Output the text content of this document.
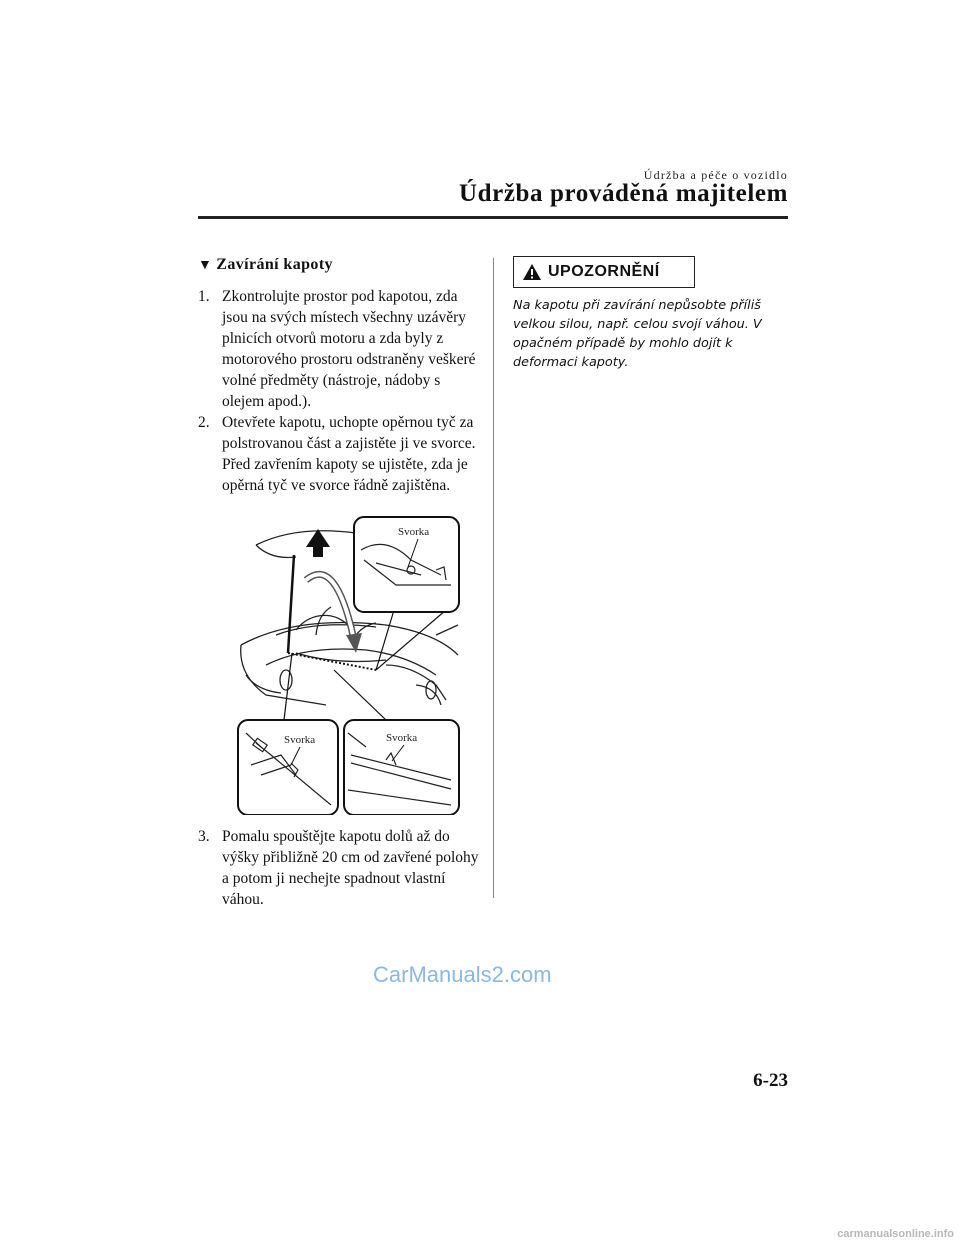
Údržba a péče o vozidlo
Údržba prováděná majitelem
▼ Zavírání kapoty
1. Zkontrolujte prostor pod kapotou, zda jsou na svých místech všechny uzávěry plnicích otvorů motoru a zda byly z motorového prostoru odstraněny veškeré volné předměty (nástroje, nádoby s olejem apod.).
2. Otevřete kapotu, uchopte opěrnou tyč za polstrovanou část a zajistěte ji ve svorce. Před zavřením kapoty se ujistěte, zda je opěrná tyč ve svorce řádně zajištěna.
Svorka
Svorka	Svorka
3. Pomalu spouštějte kapotu dolů až do výšky přibližně 20 cm od zavřené polohy a potom ji nechejte spadnout vlastní váhou.
UPOZORNĚNÍ
Na kapotu při zavírání nepůsobte příliš velkou silou, např. celou svojí váhou. V opačném případě by mohlo dojít k deformaci kapoty.
CarManuals2.com
6-23
carmanualsonline.info
